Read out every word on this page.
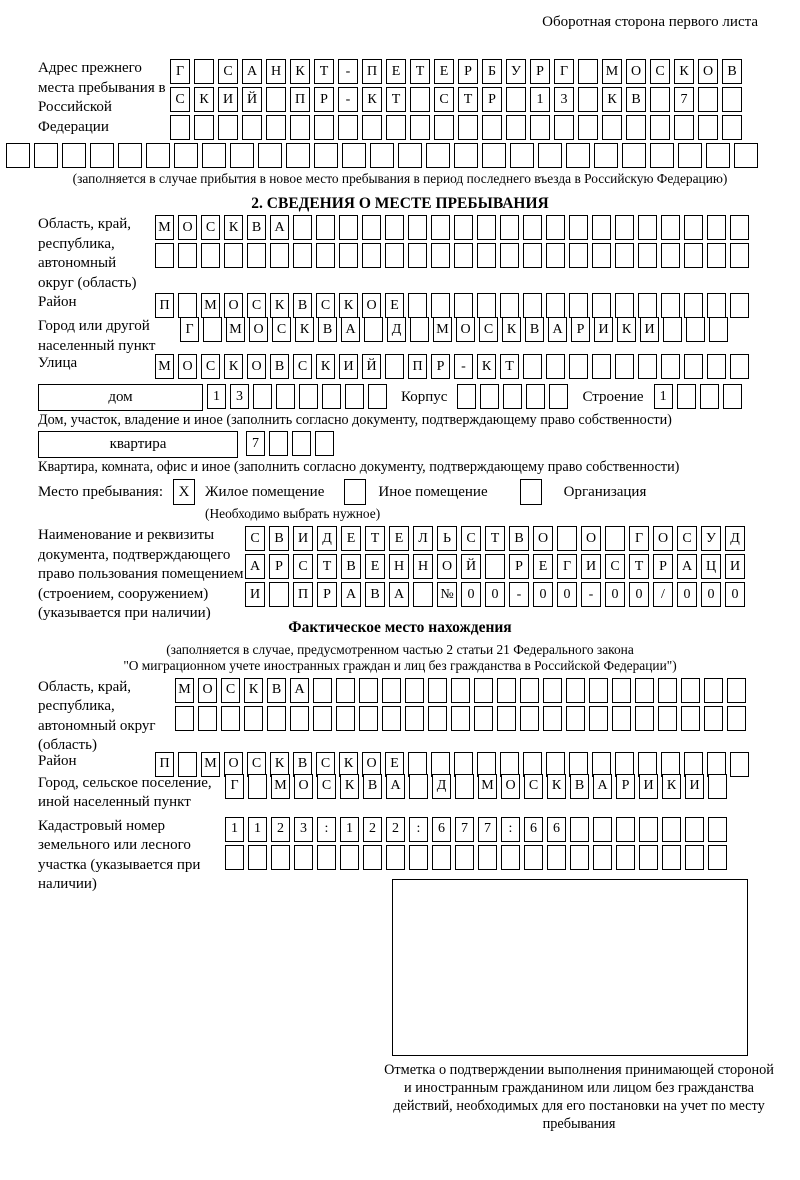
Оборотная сторона первого листа
Адрес прежнего места пребывания в Российской Федерации
Г	С	А Н	К	Т	-	П	Е	Т	Е	Р	Б	У	Р	Г	М О	С	К	О	В
С	К	И Й	П	Р	-	К	Т	С	Т	Р	1	3	К	В	7
(заполняется в случае прибытия в новое место пребывания в период последнего въезда в Российскую Федерацию)
2. СВЕДЕНИЯ О МЕСТЕ ПРЕБЫВАНИЯ
Область, край, республика, автономный округ (область)
М О С К В А
Район	П	М О С К В С К О Е
Город или другой населенный пункт
Г	М О С К В А	Д	М О С К В А	Р	И К И
Улица	М О С К О В С К И Й	П	Р	-	К	Т
дом	1	3	Корпус	Строение	1
Дом, участок, владение и иное (заполнить согласно документу, подтверждающему право собственности)
квартира	7
Квартира, комната, офис и иное (заполнить согласно документу, подтверждающему право собственности)
Место пребывания:	X	Жилое помещение	Иное помещение	Организация
(Необходимо выбрать нужное)
Наименование и реквизиты документа, подтверждающего право пользования помещением (строением, сооружением) (указывается при наличии)
С	В	И	Д	Е	Т	Е	Л	Ь	С	Т	В	О	О	Г	О	С	У	Д
А	Р	С	Т	В	Е	Н Н О Й	Р	Е	Г	И	С	Т	Р	А Ц И
И	П	Р	А	В	А	№ 0	0	-	0	0	-	0	0	/	0	0	0
Фактическое место нахождения
(заполняется в случае, предусмотренном частью 2 статьи 21 Федерального закона
"О миграционном учете иностранных граждан и лиц без гражданства в Российской Федерации")
Область, край, республика, автономный округ (область)
М О С К В А
Район	П	М О С К В С К О Е
Город, сельское поселение, иной населенный пункт
Г	М О С К В А	Д	М О С К В А	Р	И К И
Кадастровый номер земельного или лесного участка (указывается при наличии)
1	1	2	3	:	1	2	2	:	6	7	7	:	6	6
Отметка о подтверждении выполнения принимающей стороной и иностранным гражданином или лицом без гражданства действий, необходимых для его постановки на учет по месту пребывания
